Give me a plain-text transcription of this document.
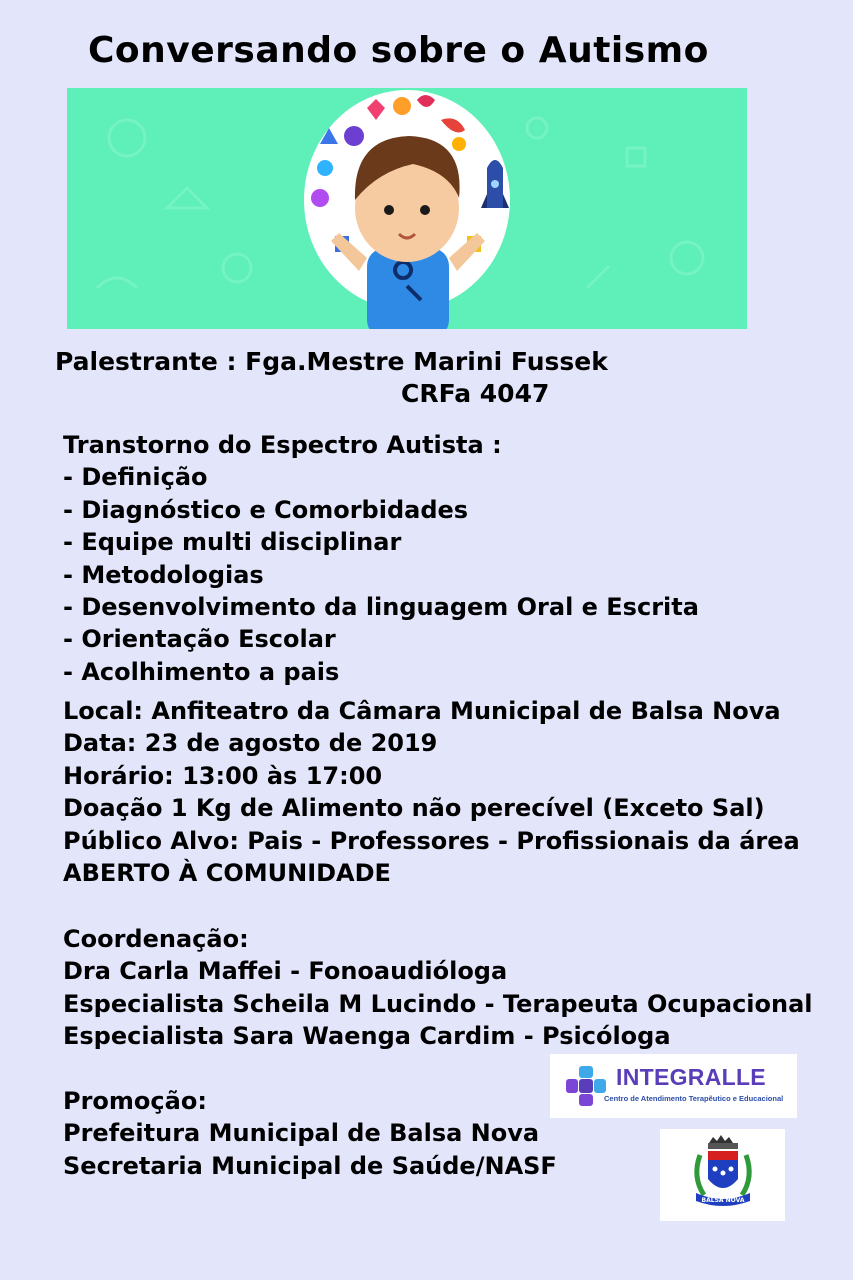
Conversando sobre o Autismo
Palestrante : Fga.Mestre Marini Fussek
CRFa 4047
Transtorno do Espectro Autista :
- Definição
- Diagnóstico e Comorbidades
- Equipe multi disciplinar
- Metodologias
- Desenvolvimento da linguagem Oral e Escrita
- Orientação Escolar
- Acolhimento a pais
Local: Anfiteatro da Câmara Municipal de Balsa Nova
Data: 23 de agosto de 2019
Horário: 13:00 às 17:00
Doação 1 Kg de Alimento não perecível (Exceto Sal)
Público Alvo: Pais - Professores - Profissionais da área
ABERTO À COMUNIDADE
Coordenação:
Dra Carla Maffei - Fonoaudióloga
Especialista Scheila M Lucindo - Terapeuta Ocupacional
Especialista Sara Waenga Cardim - Psicóloga
Promoção:
Prefeitura Municipal de Balsa Nova
Secretaria Municipal de Saúde/NASF
INTEGRALLE
Centro de Atendimento Terapêutico e Educacional
BALSA NOVA
